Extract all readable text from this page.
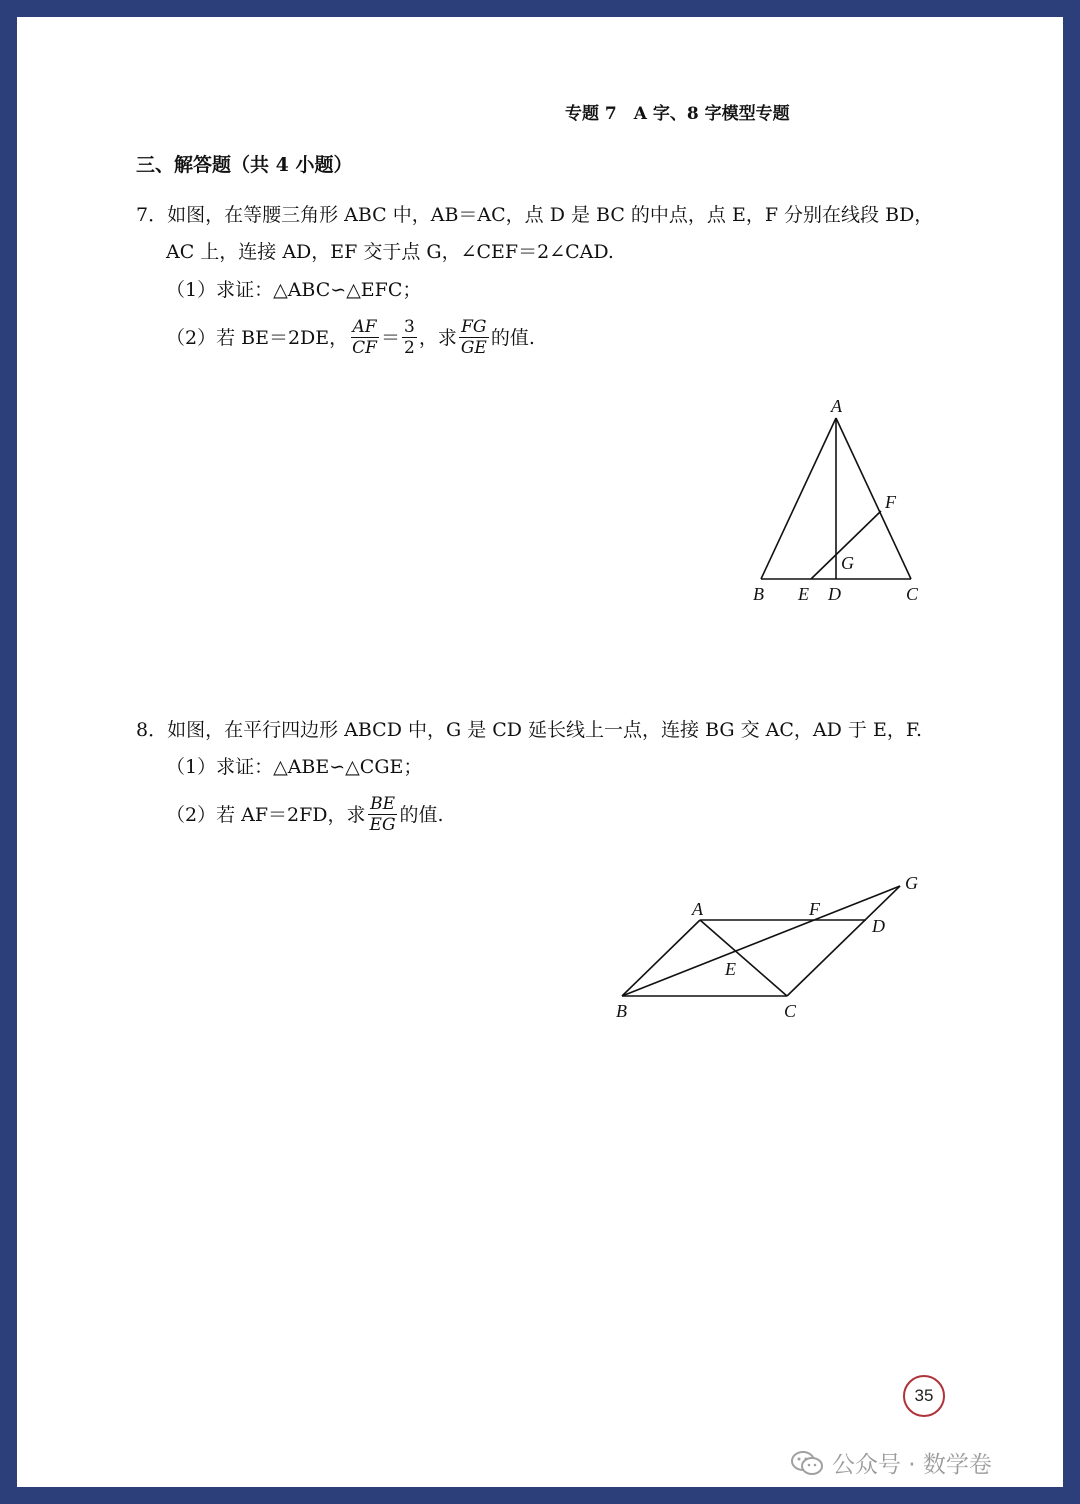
专题 7　A 字、8 字模型专题
三、解答题（共 4 小题）
7．如图，在等腰三角形 ABC 中，AB＝AC，点 D 是 BC 的中点，点 E，F 分别在线段 BD，
AC 上，连接 AD，EF 交于点 G，∠CEF＝2∠CAD.
（1）求证：△ABC∽△EFC；
（2）若 BE＝2DE， $\frac{AF}{CF} = \frac{3}{2}$ ，求 $\frac{FG}{GE}$ 的值.
A
F
G
B E D	C
8．如图，在平行四边形 ABCD 中，G 是 CD 延长线上一点，连接 BG 交 AC，AD 于 E，F.
（1）求证：△ABE∽△CGE；
（2）若 AF＝2FD，求 $\frac{BE}{EG}$ 的值.
G
A	F
D
E
B	C
35
公众号 · 数学卷
